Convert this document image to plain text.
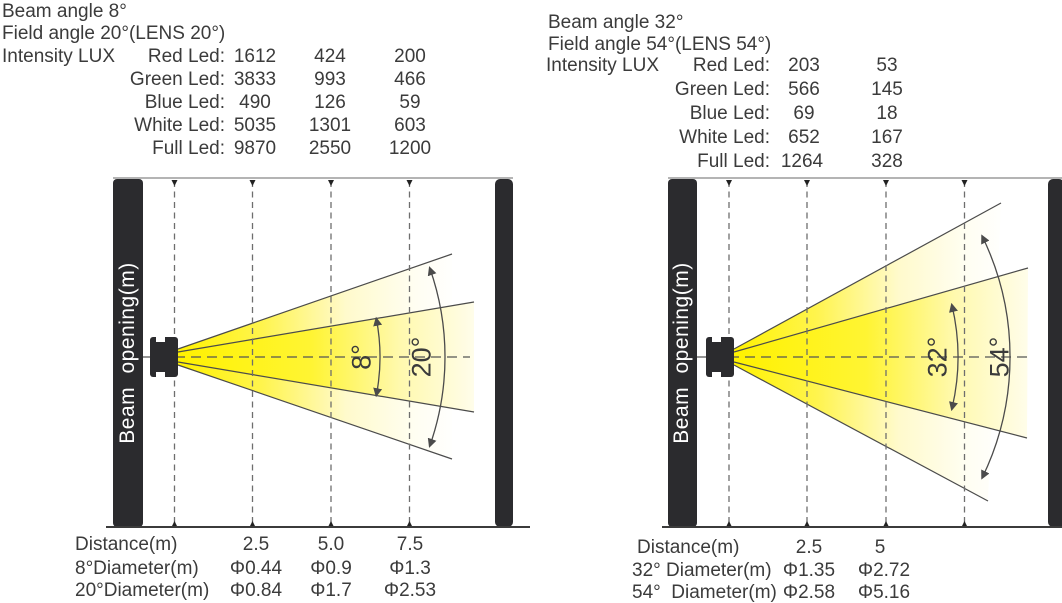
Beam angle 8°
Field angle 20°(LENS 20°)
Intensity LUX	Red Led: 1612 424	200
Green Led: 3833 993	466
Blue Led: 490 126	59
White Led: 5035 1301 603
Full Led: 9870 2550 1200
Beam opening(m)	8° 20°
Distance(m)	2.5	5.0	7.5
8°Diameter(m) Φ0.44 Φ0.9 Φ1.3
20°Diameter(m) Φ0.84 Φ1.7 Φ2.53
Beam angle 32°
Field angle 54°(LENS 54°)
Intensity LUX	Red Led: 203	53
Green Led: 566	145
Blue Led: 69	18
White Led: 652	167
Full Led: 1264	328
Beam opening(m)	32° 54°
Distance(m)	2.5	5
32° Diameter(m) Φ1.35 Φ2.72
54°  Diameter(m) Φ2.58 Φ5.16
